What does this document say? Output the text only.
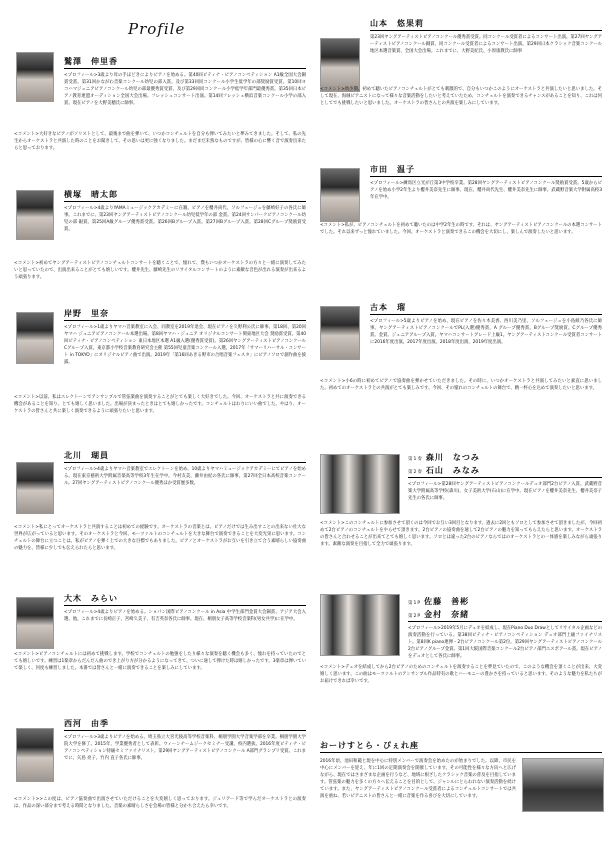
Profile
鷲澤　伸里香
<プロフィール>3歳より母の手ほどきによりピアノを始める。第40回ピティナ・ピアノコンペティション A1級全国大会銅賞受賞。第31回かながわ音楽コンクール幼児の部入賞。及び第33回同コンクール小学生低学年の部奨励賞受賞。第10回ヨコハマジュニアピアノコンクール幼児の部最優秀賞受賞、及び第29回同コンクール小学低学年部門最優秀賞。第35回日本ピアノ教育連盟オーディション全国大会出場。フレッシュコンサート出演。第14回フレッシュ横浜音楽コンクール小学の部入賞。現在ピアノを大野美穂氏に師事。
<コメント>大好きなピアノがソリストとして、最後まで曲を弾いて、いつかコンチェルトを自分も弾いてみたいと夢みてきました。そして、私の先生からオーケストラと共演した時のことをお聞きして、その思いは更に強くなりました。まだまだ未熟なものですが、皆様の心に響く音で演奏出来たらと思っております。
横塚　晴太郎
<プロフィール>4歳よりYAMAミュージックアカデミーに在籍。ピアノを櫻井尚代、ソルフェージュを藤崎好子の各氏に師事。これまでに、第23回ヤングアーティストピアノコンクール幼児低学年の部 金賞。第24回サンパークピアノコンクール幼児の部 銀賞。第25回A級グループ優秀賞受賞。第26回Bグループ入賞。第27回Bグループ入賞。第28回Cグループ奨励賞受賞。
<コメント>初めてヤングアーティストピアノコンチェルトコンサートを聴くことで、憧れて、僕もいつかオーケストラの方々と一緒に演奏してみたいと思っていたので、出演出来ることがとても嬉しいです。櫻井先生、藤崎先生のリサイタルコンサートのように素敵な音色が出れる演奏が出来るよう頑張ります。
岸野　里奈
<プロフィール>1歳よりヤマハ音楽教室に入会、同教室を2019年退会、現在ピアノを久野利公氏に師事。第18回、第20回ヤマハ ジュニアピアノコンクール本選出場。第8回ヤマハ・ジュニア オリジナルコンサート関東地区大会 奨励賞受賞。第40回ピティナ・ピアノコンペティション 東日本地区本選 A1級入選(優秀賞受賞)。第26回ヤングアーティストピアノコンクールCグループ入賞。東京都小学校音楽教育研究会主催 第55回児童音楽コンクール入選。2017年「サマーリハーサル・コンサート in TOKYO」にオリジナルピアノ曲で出演。2019年「第16回あきる野市の合唱音楽フェスタ」にピアノソロで創作曲を披露。
<コメント>以前、私はエレクトーンでアンサンブルで管弦楽曲を演奏することがとても楽しく大好きでした。今回、オーケストラと共に演奏できる機会があることを知り、とても嬉しく思いました。出場が決まったときはとても嬉しかったです。コンチェルトはわりにいい曲でした。やはり、オーケストラの皆さんと共に楽しく演奏できるように頑張りたいと思います。
北川　瑚員
<プロフィール>4歳よりヤマハ音楽教室でエレクトーンを始め、10歳よりヤマハミュージックアカデミーにてピアノを始める。現在東京藝術大学附属音楽高等学校3年生在学中。今村友美、藤井由紀の各氏に師事。第27回全日本高校音楽コンクール。27回ヤングアーティストピアノコンクール優秀ほか受賞歴多数。
<コメント>私にとってオーケストラと共演することは初めての経験です。オーケストラの音楽とは、ピアノだけでは生み出すことの出来ない壮大な世界が広がっていると思います。そのオーケストラと今回、モーツァルトのコンチェルトを大きな舞台で演奏できることを大変光栄に思います。コンチェルトの舞台に立つことは、私がピアノを弾く上での大きな目標でもありました。ピアノとオーケストラがお互いを引き立て合う素晴らしい協奏曲の魅力を、皆様に少しでも伝えられたらと思います。
大木　みらい
<プロフィール>4歳よりピアノを始める。ショパン国際ピアノコンクール in Asia 中学生部門金賞大会銅賞、アジア大会入選。他、これまでに長崎正子、宮崎久美子、有吉英奈各氏に師事。現在、桐朋女子高等学校音楽科(男女共学)に在学中。
<コメント>ピアノコンチェルトには初めて挑戦します。学校でコンチェルトの勉強をしたり様々な演奏を聴く機会も多く、憧れを持っていたのでとても嬉しいです。練習は1楽章からだんだん曲のでき上がり方が分かるようになってきて、ついに通して弾けた時は嬉しかったです。3楽章は弾いていて楽しく、何度も練習しました。本番では皆さんと一緒に演奏できることを楽しみにしています。
西河　由季
<プロフィール>3歳よりピアノを始める。埼玉県立大宮光陵高等学校音楽科、桐朋学園大学音楽学部を卒業。桐朋学園大学院大学を修了。2015年、学業優秀者として表彰。ウィーンナームジークセミナー受講、校内選抜。2016年度ピティナ・ピアノコンペティション特級セミファイナリスト。第29回ヤングアーティストピアノコンクール A部門グランプリ受賞。これまでに、矢島 亮子、竹内 直子各氏に師事。
<コメント>>この度は、ピアノ協奏曲で出演させていただけることを大変嬉しく思っております。ジュリアード等で学んだオーケストラとの演奏は、作品の深い部分まで考える時間となりました。音楽の素晴らしさを会場の皆様と分かち合えたら幸いです。
山本　悠果莉
第23回ヤングアーティストピアノコンクール優秀賞受賞。同コンクール受賞者によるコンサート出演。第27回ヤングアーティストピアノコンクール銅賞、同コンクール受賞者によるコンサート出演。第29回日本クラシック音楽コンクール地区本選音楽賞、全国大会出場。これまでに、大野美紀氏、小原康教氏に師事
<コメント>幼少期、初めて聴いたピアノコンチェルトがとても刺激的で、自分もいつかこのようにオーケストラと共演したいと思いました。そして現在、海賊ピアニストになって様々な音楽活動をしたいと考えていたため、コンチェルトを演奏できるチャンスがあることを知り、これは何としてでも挑戦したいと思いました。オーケストラの皆さんとの共演を楽しみにしています。
市田　温子
<プロフィール>練馬区立光が丘第3中学校卒業。第28回ヤングアーティストピアノコンクール奨励賞受賞。5歳からピアノを始め小学2年生より櫻井美奈先生に師事。現在、櫻井尚代先生、櫻井美奈先生に師事。武蔵野音楽大学附属高校3年在学中。
<コメント>私が、ピアノコンチェルトを初めて聴いたのは中学2年生の時です。それは、ヤングアーティストピアノコンクールの本選コンサートでした。それ以来ずっと憧れていました。今回、オーケストラと演奏できるこの機会を大切にし、楽しんで演奏したいと思います。
古本　瑠
<プロフィール>5歳よりピアノを始め、現在ピアノを佐々木美香、西川美乃里、ソルフェージュを小島綾乃各氏に師事。ヤングアーティストピアノコンクールでPL(入選)優秀賞、A グループ優秀賞。Bグループ奨励賞。Cグループ優秀賞。金賞。ジュニアグループ入賞。ヤマハコンサートグレード上級1。ヤングアーティストコンクール受賞者コンサートに2016年度出演。2017年度出演。2018年度出演、2019年度出演。
<コメント>小6の時に初めてピアノで協奏曲を弾かせていただきました。その時に、いつかオーケストラと共演してみたいと素直に思いました。初めてのオーケストラとの共演がとても楽しみです。今回、その憧れのコンチェルトの舞台で、精一杯心を込めて演奏したいと思います。
第1奏 森川　なつみ
第2奏 石山　みなみ
<プロフィール>第28回ヤングアーティストピアノコンクールデュオ部門2台ピアノ入賞。武蔵野音楽大学附属高等学校(森川)、女子美術大学(石山)に在学中。現在ピアノを櫻井美奈先生、櫻井美奈子先生の各氏に師事。
<コメント>このコンチェルトに参加させて頂くのは今回でお互い3回目となります。過去に2回ともソロとして参加させて頂きましたが、今回初めて2台ピアノのコンチェルトをやらせて頂きます。2台ピアノの協奏曲を通して2台ピアノの魅力を知ってもらえたらと思います。オーケストラの皆さんと合わせることが出来てとても嬉しく思います。ソロとは違った2台のピアノならではのオーケストラとの一体感を楽しみながら頑張ります。素敵な演奏を目指して全力で頑張ります。
第1P 佐藤　善彬
第2P 金村　奈緒
<プロフィール>2019年5月にデュオを結成し、現在Piano Duo Drawとしてリサイタル企画などの演奏活動を行っている。第38回ピティナ・ピアノコンペティション デュオ部門上級ファイナリスト。第8回K piano連弾・2台ピアノコンクール第2位。第29回ヤングアーティストピアノコンクール2台ピアノグループ金賞。第1回大阪国際音楽コンクール2台ピアノ部門エスポアール賞。現在ピアノをデュオとして各氏に師事。
<コメント>デュオを結成してから2台ピアノのためのコンチェルトを演奏することを夢見ていたので、このような機会を頂くことが出来、大変嬉しく思います。この曲はモーツァルトのアンサンブル作品特有の歌とハーモニーの豊かさを持っていると思います。そのような魅力を私たちがお届けできれば幸いです。
おーけすとら・ぴぇれ座
2016年頃、池田和範と現を中心に特別メンバーで演奏会を始めたのが始まりでした。以降、市民を中心にメンバーを迎え、年に1回の定期演奏会を開催しています。その可能性を様々な方向へと広げながら、現在ではさまざまな企画を行うなど、地域に根ざしたクラシック音楽の普及を目指しています。管弦楽の魅力を多くの方々へ伝えることを目的として、ジャンルにとらわれない演奏活動を続けています。また、ヤングアーティストピアノコンクール受賞者によるコンチェルトコンサートでは共演を重ね、若いピアニストの皆さんと一緒に音楽を作る喜びを大切にしています。
